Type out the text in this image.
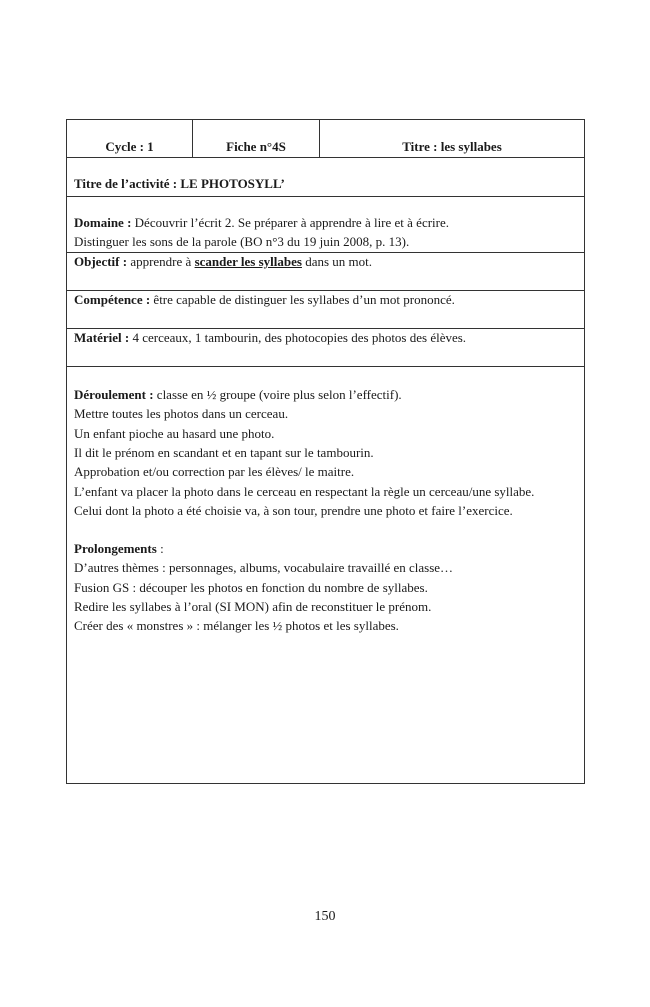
Cycle : 1	Fiche n°4S	Titre : les syllabes
Titre de l’activité : LE PHOTOSYLL’
Domaine : Découvrir l’écrit 2. Se préparer à apprendre à lire et à écrire.
Distinguer les sons de la parole (BO n°3 du 19 juin 2008, p. 13).
Objectif : apprendre à scander les syllabes dans un mot.
Compétence : être capable de distinguer les syllabes d’un mot prononcé.
Matériel : 4 cerceaux, 1 tambourin, des photocopies des photos des élèves.
Déroulement : classe en ½ groupe (voire plus selon l’effectif).
Mettre toutes les photos dans un cerceau.
Un enfant pioche au hasard une photo.
Il dit le prénom en scandant et en tapant sur le tambourin.
Approbation et/ou correction par les élèves/ le maitre.
L’enfant va placer la photo dans le cerceau en respectant la règle un cerceau/une syllabe.
Celui dont la photo a été choisie va, à son tour, prendre une photo et faire l’exercice.
Prolongements :
D’autres thèmes : personnages, albums, vocabulaire travaillé en classe…
Fusion GS : découper les photos en fonction du nombre de syllabes.
Redire les syllabes à l’oral (SI MON) afin de reconstituer le prénom.
Créer des « monstres » : mélanger les ½ photos et les syllabes.
150
